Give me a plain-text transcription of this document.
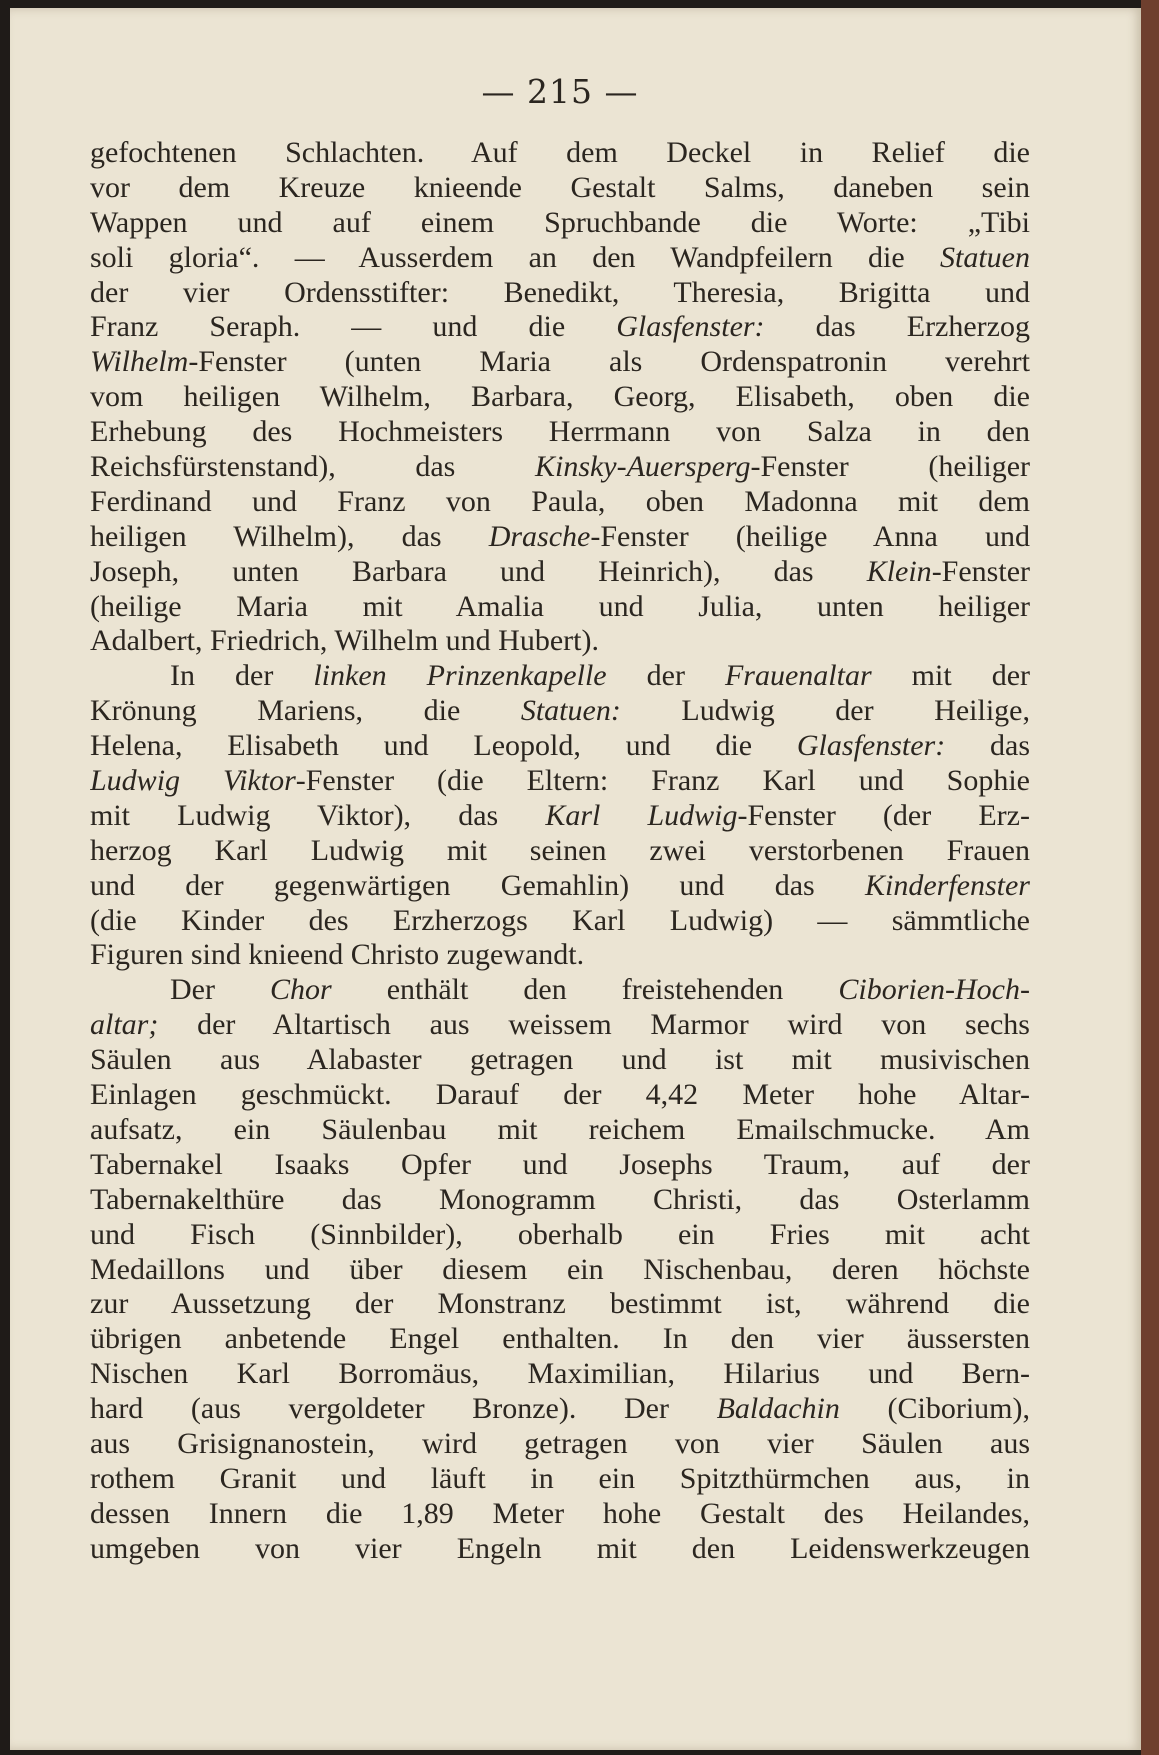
— 215 —
gefochtenen Schlachten. Auf dem Deckel in Relief die
vor dem Kreuze knieende Gestalt Salms, daneben sein
Wappen und auf einem Spruchbande die Worte: „Tibi
soli gloria“. — Ausserdem an den Wandpfeilern die Statuen
der vier Ordensstifter: Benedikt, Theresia, Brigitta und
Franz Seraph. — und die Glasfenster: das Erzherzog
Wilhelm-Fenster (unten Maria als Ordenspatronin verehrt
vom heiligen Wilhelm, Barbara, Georg, Elisabeth, oben die
Erhebung des Hochmeisters Herrmann von Salza in den
Reichsfürstenstand), das Kinsky-Auersperg-Fenster (heiliger
Ferdinand und Franz von Paula, oben Madonna mit dem
heiligen Wilhelm), das Drasche-Fenster (heilige Anna und
Joseph, unten Barbara und Heinrich), das Klein-Fenster
(heilige Maria mit Amalia und Julia, unten heiliger
Adalbert, Friedrich, Wilhelm und Hubert).
In der linken Prinzenkapelle der Frauenaltar mit der
Krönung Mariens, die Statuen: Ludwig der Heilige,
Helena, Elisabeth und Leopold, und die Glasfenster: das
Ludwig Viktor-Fenster (die Eltern: Franz Karl und Sophie
mit Ludwig Viktor), das Karl Ludwig-Fenster (der Erz-
herzog Karl Ludwig mit seinen zwei verstorbenen Frauen
und der gegenwärtigen Gemahlin) und das Kinderfenster
(die Kinder des Erzherzogs Karl Ludwig) — sämmtliche
Figuren sind knieend Christo zugewandt.
Der Chor enthält den freistehenden Ciborien-Hoch-
altar; der Altartisch aus weissem Marmor wird von sechs
Säulen aus Alabaster getragen und ist mit musivischen
Einlagen geschmückt. Darauf der 4,42 Meter hohe Altar-
aufsatz, ein Säulenbau mit reichem Emailschmucke. Am
Tabernakel Isaaks Opfer und Josephs Traum, auf der
Tabernakelthüre das Monogramm Christi, das Osterlamm
und Fisch (Sinnbilder), oberhalb ein Fries mit acht
Medaillons und über diesem ein Nischenbau, deren höchste
zur Aussetzung der Monstranz bestimmt ist, während die
übrigen anbetende Engel enthalten. In den vier äussersten
Nischen Karl Borromäus, Maximilian, Hilarius und Bern-
hard (aus vergoldeter Bronze). Der Baldachin (Ciborium),
aus Grisignanostein, wird getragen von vier Säulen aus
rothem Granit und läuft in ein Spitzthürmchen aus, in
dessen Innern die 1,89 Meter hohe Gestalt des Heilandes,
umgeben von vier Engeln mit den Leidenswerkzeugen
